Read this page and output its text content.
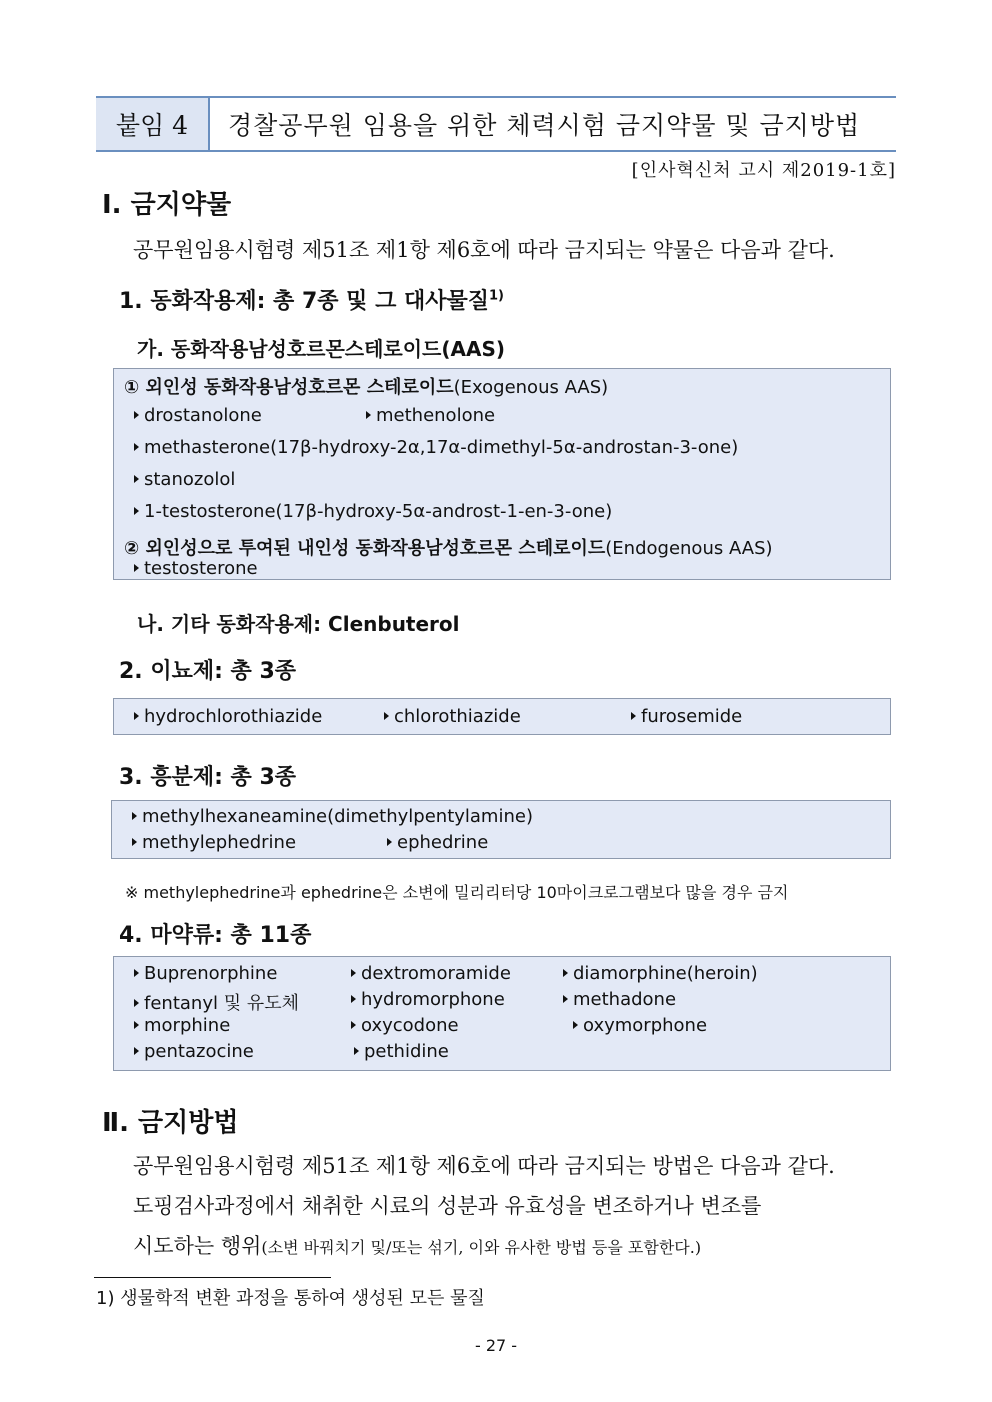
붙임 4	경찰공무원 임용을 위한 체력시험 금지약물 및 금지방법
[인사혁신처 고시 제2019-1호]
Ⅰ. 금지약물
공무원임용시험령 제51조 제1항 제6호에 따라 금지되는 약물은 다음과 같다.
1. 동화작용제: 총 7종 및 그 대사물질$^{1)}$
가. 동화작용남성호르몬스테로이드(AAS)
① 외인성 동화작용남성호르몬 스테로이드(Exogenous AAS)
drostanolone	methenolone
methasterone(17β-hydroxy-2α,17α-dimethyl-5α-androstan-3-one)
stanozolol
1-testosterone(17β-hydroxy-5α-androst-1-en-3-one)
② 외인성으로 투여된 내인성 동화작용남성호르몬 스테로이드(Endogenous AAS)
testosterone
나. 기타 동화작용제: Clenbuterol
2. 이뇨제: 총 3종
hydrochlorothiazide	chlorothiazide	furosemide
3. 흥분제: 총 3종
methylhexaneamine(dimethylpentylamine)
methylephedrine	ephedrine
※ methylephedrine과 ephedrine은 소변에 밀리리터당 10마이크로그램보다 많을 경우 금지
4. 마약류: 총 11종
Buprenorphine	dextromoramide	diamorphine(heroin)
fentanyl 및 유도체	hydromorphone	methadone
morphine	oxycodone	oxymorphone
pentazocine	pethidine
Ⅱ. 금지방법
공무원임용시험령 제51조 제1항 제6호에 따라 금지되는 방법은 다음과 같다.
도핑검사과정에서 채취한 시료의 성분과 유효성을 변조하거나 변조를
시도하는 행위(소변 바꿔치기 및/또는 섞기, 이와 유사한 방법 등을 포함한다.)
1) 생물학적 변환 과정을 통하여 생성된 모든 물질
- 27 -
